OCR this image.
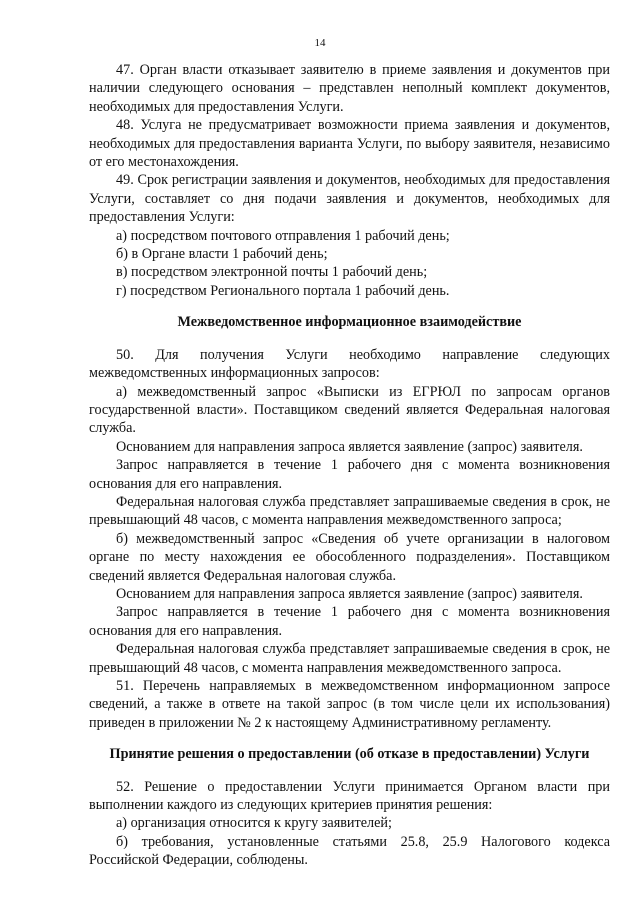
14

47. Орган власти отказывает заявителю в приеме заявления и документов при наличии следующего основания – представлен неполный комплект документов, необходимых для предоставления Услуги.

48. Услуга не предусматривает возможности приема заявления и документов, необходимых для предоставления варианта Услуги, по выбору заявителя, независимо от его местонахождения.

49. Срок регистрации заявления и документов, необходимых для предоставления Услуги, составляет со дня подачи заявления и документов, необходимых для предоставления Услуги:

а) посредством почтового отправления 1 рабочий день;

б) в Органе власти 1 рабочий день;

в) посредством электронной почты 1 рабочий день;

г) посредством Регионального портала 1 рабочий день.

Межведомственное информационное взаимодействие

50. Для получения Услуги необходимо направление следующих межведомственных информационных запросов:

а) межведомственный запрос «Выписки из ЕГРЮЛ по запросам органов государственной власти». Поставщиком сведений является Федеральная налоговая служба.

Основанием для направления запроса является заявление (запрос) заявителя.

Запрос направляется в течение 1 рабочего дня с момента возникновения основания для его направления.

Федеральная налоговая служба представляет запрашиваемые сведения в срок, не превышающий 48 часов, с момента направления межведомственного запроса;

б) межведомственный запрос «Сведения об учете организации в налоговом органе по месту нахождения ее обособленного подразделения». Поставщиком сведений является Федеральная налоговая служба.

Основанием для направления запроса является заявление (запрос) заявителя.

Запрос направляется в течение 1 рабочего дня с момента возникновения основания для его направления.

Федеральная налоговая служба представляет запрашиваемые сведения в срок, не превышающий 48 часов, с момента направления межведомственного запроса.

51. Перечень направляемых в межведомственном информационном запросе сведений, а также в ответе на такой запрос (в том числе цели их использования) приведен в приложении № 2 к настоящему Административному регламенту.

Принятие решения о предоставлении (об отказе в предоставлении) Услуги

52. Решение о предоставлении Услуги принимается Органом власти при выполнении каждого из следующих критериев принятия решения:

а) организация относится к кругу заявителей;

б) требования, установленные статьями 25.8, 25.9 Налогового кодекса Российской Федерации, соблюдены.
